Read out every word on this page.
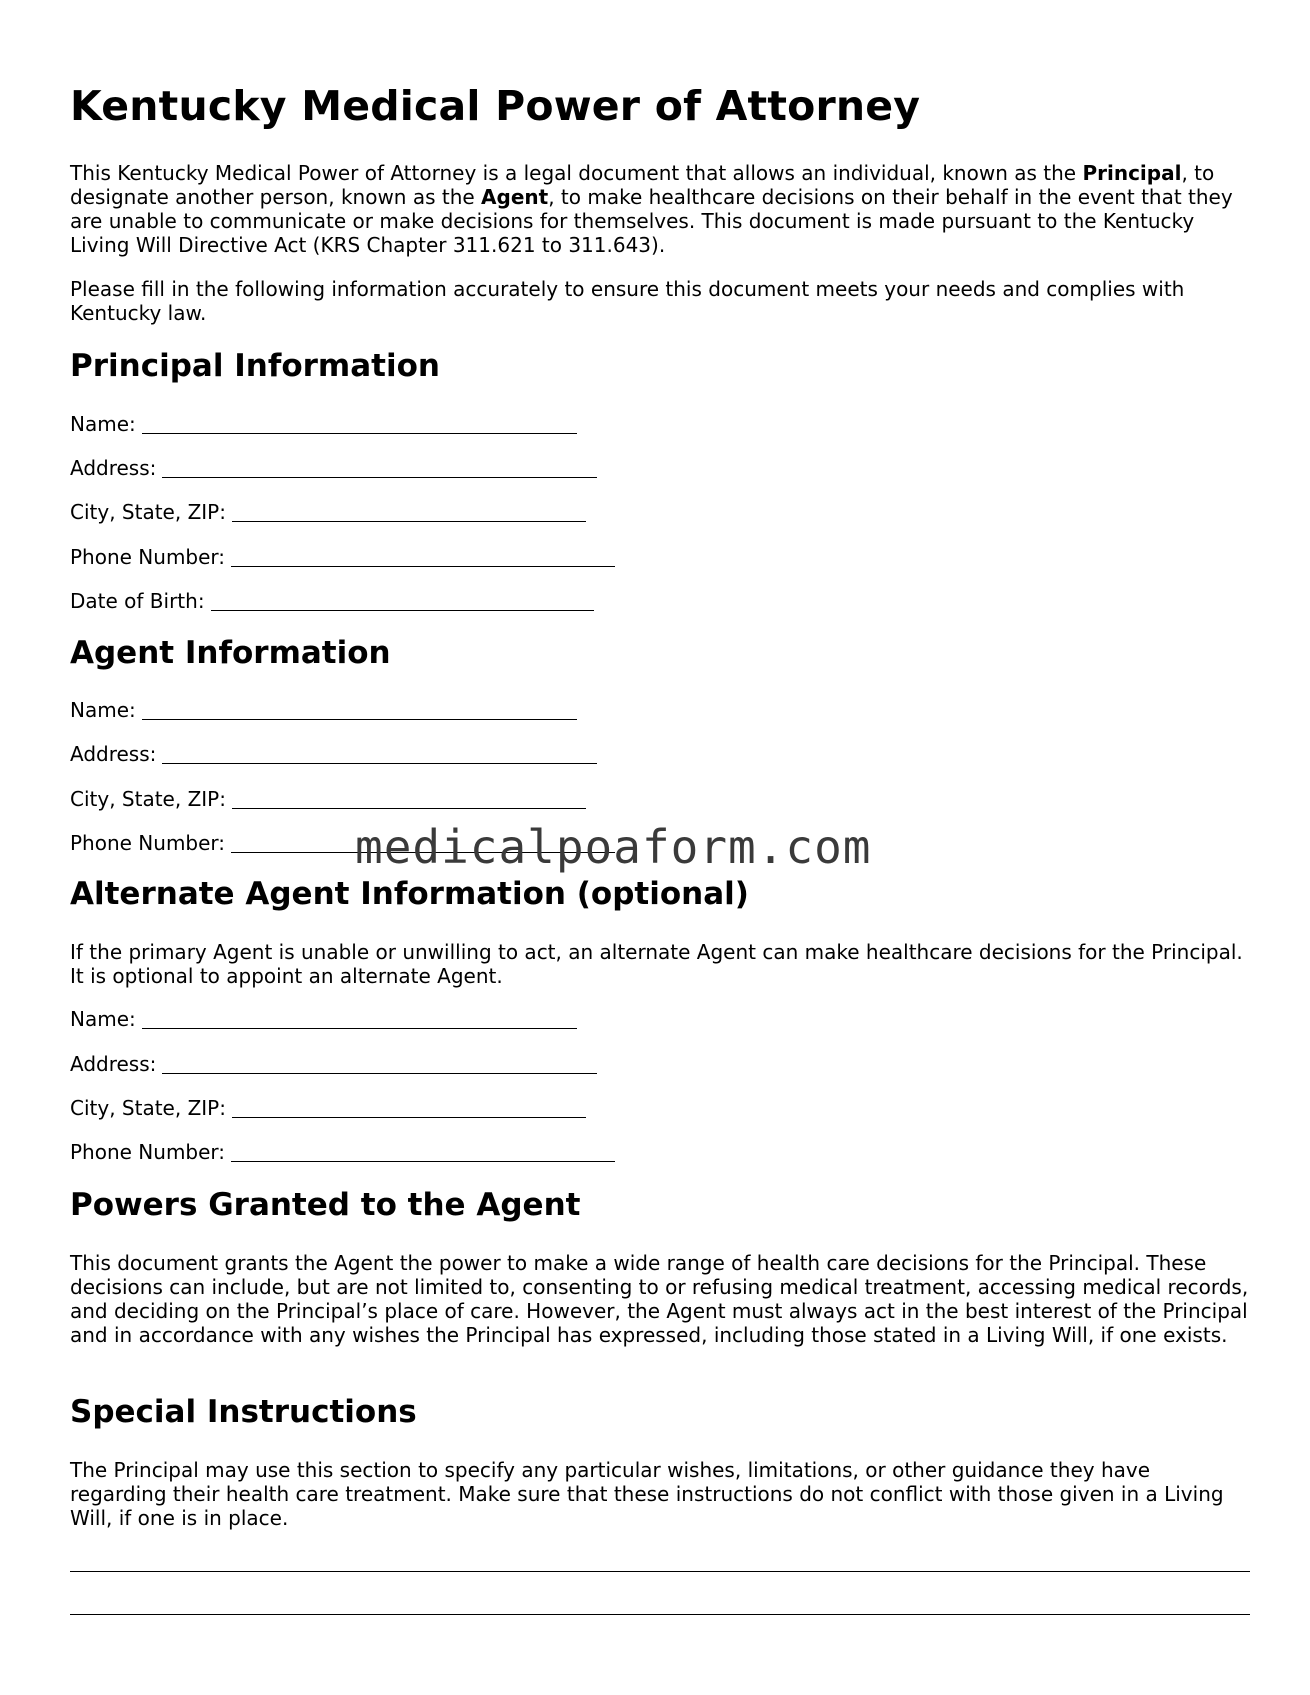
Kentucky Medical Power of Attorney

This Kentucky Medical Power of Attorney is a legal document that allows an individual, known as the Principal, to designate another person, known as the Agent, to make healthcare decisions on their behalf in the event that they are unable to communicate or make decisions for themselves. This document is made pursuant to the Kentucky Living Will Directive Act (KRS Chapter 311.621 to 311.643).

Please fill in the following information accurately to ensure this document meets your needs and complies with Kentucky law.

Principal Information
Name:
Address:
City, State, ZIP:
Phone Number:
Date of Birth:
Agent Information
Name:
Address:
City, State, ZIP:
Phone Number:
Alternate Agent Information (optional)

If the primary Agent is unable or unwilling to act, an alternate Agent can make healthcare decisions for the Principal. It is optional to appoint an alternate Agent.

Name:
Address:
City, State, ZIP:
Phone Number:
Powers Granted to the Agent

This document grants the Agent the power to make a wide range of health care decisions for the Principal. These decisions can include, but are not limited to, consenting to or refusing medical treatment, accessing medical records, and deciding on the Principal’s place of care. However, the Agent must always act in the best interest of the Principal and in accordance with any wishes the Principal has expressed, including those stated in a Living Will, if one exists.

Special Instructions

The Principal may use this section to specify any particular wishes, limitations, or other guidance they have regarding their health care treatment. Make sure that these instructions do not conflict with those given in a Living Will, if one is in place.

medicalpoaform.com
